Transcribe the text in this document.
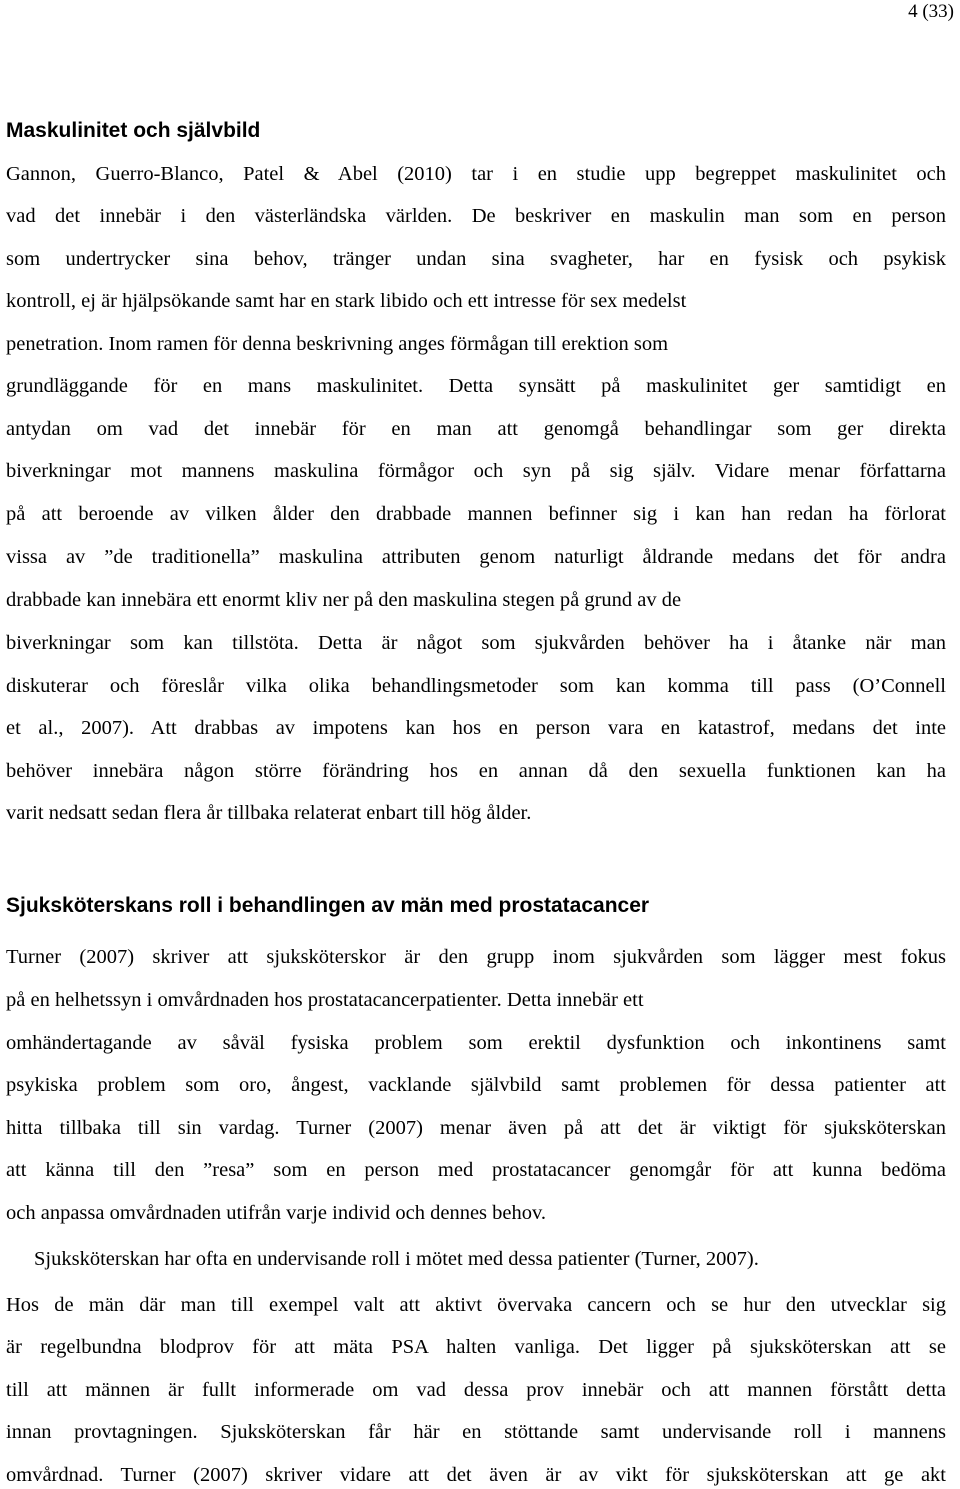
4 (33)
Maskulinitet och självbild
Gannon, Guerro-Blanco, Patel & Abel (2010) tar i en studie upp begreppet maskulinitet och
vad det innebär i den västerländska världen. De beskriver en maskulin man som en person
som undertrycker sina behov, tränger undan sina svagheter, har en fysisk och psykisk
kontroll, ej är hjälpsökande samt har en stark libido och ett intresse för sex medelst
penetration. Inom ramen för denna beskrivning anges förmågan till erektion som
grundläggande för en mans maskulinitet. Detta synsätt på maskulinitet ger samtidigt en
antydan om vad det innebär för en man att genomgå behandlingar som ger direkta
biverkningar mot mannens maskulina förmågor och syn på sig själv. Vidare menar författarna
på att beroende av vilken ålder den drabbade mannen befinner sig i kan han redan ha förlorat
vissa av ”de traditionella” maskulina attributen genom naturligt åldrande medans det för andra
drabbade kan innebära ett enormt kliv ner på den maskulina stegen på grund av de
biverkningar som kan tillstöta. Detta är något som sjukvården behöver ha i åtanke när man
diskuterar och föreslår vilka olika behandlingsmetoder som kan komma till pass (O’Connell
et al., 2007). Att drabbas av impotens kan hos en person vara en katastrof, medans det inte
behöver innebära någon större förändring hos en annan då den sexuella funktionen kan ha
varit nedsatt sedan flera år tillbaka relaterat enbart till hög ålder.
Sjuksköterskans roll i behandlingen av män med prostatacancer
Turner (2007) skriver att sjuksköterskor är den grupp inom sjukvården som lägger mest fokus
på en helhetssyn i omvårdnaden hos prostatacancerpatienter. Detta innebär ett
omhändertagande av såväl fysiska problem som erektil dysfunktion och inkontinens samt
psykiska problem som oro, ångest, vacklande självbild samt problemen för dessa patienter att
hitta tillbaka till sin vardag. Turner (2007) menar även på att det är viktigt för sjuksköterskan
att känna till den ”resa” som en person med prostatacancer genomgår för att kunna bedöma
och anpassa omvårdnaden utifrån varje individ och dennes behov.
Sjuksköterskan har ofta en undervisande roll i mötet med dessa patienter (Turner, 2007).
Hos de män där man till exempel valt att aktivt övervaka cancern och se hur den utvecklar sig
är regelbundna blodprov för att mäta PSA halten vanliga. Det ligger på sjuksköterskan att se
till att männen är fullt informerade om vad dessa prov innebär och att mannen förstått detta
innan provtagningen. Sjuksköterskan får här en stöttande samt undervisande roll i mannens
omvårdnad. Turner (2007) skriver vidare att det även är av vikt för sjuksköterskan att ge akt
